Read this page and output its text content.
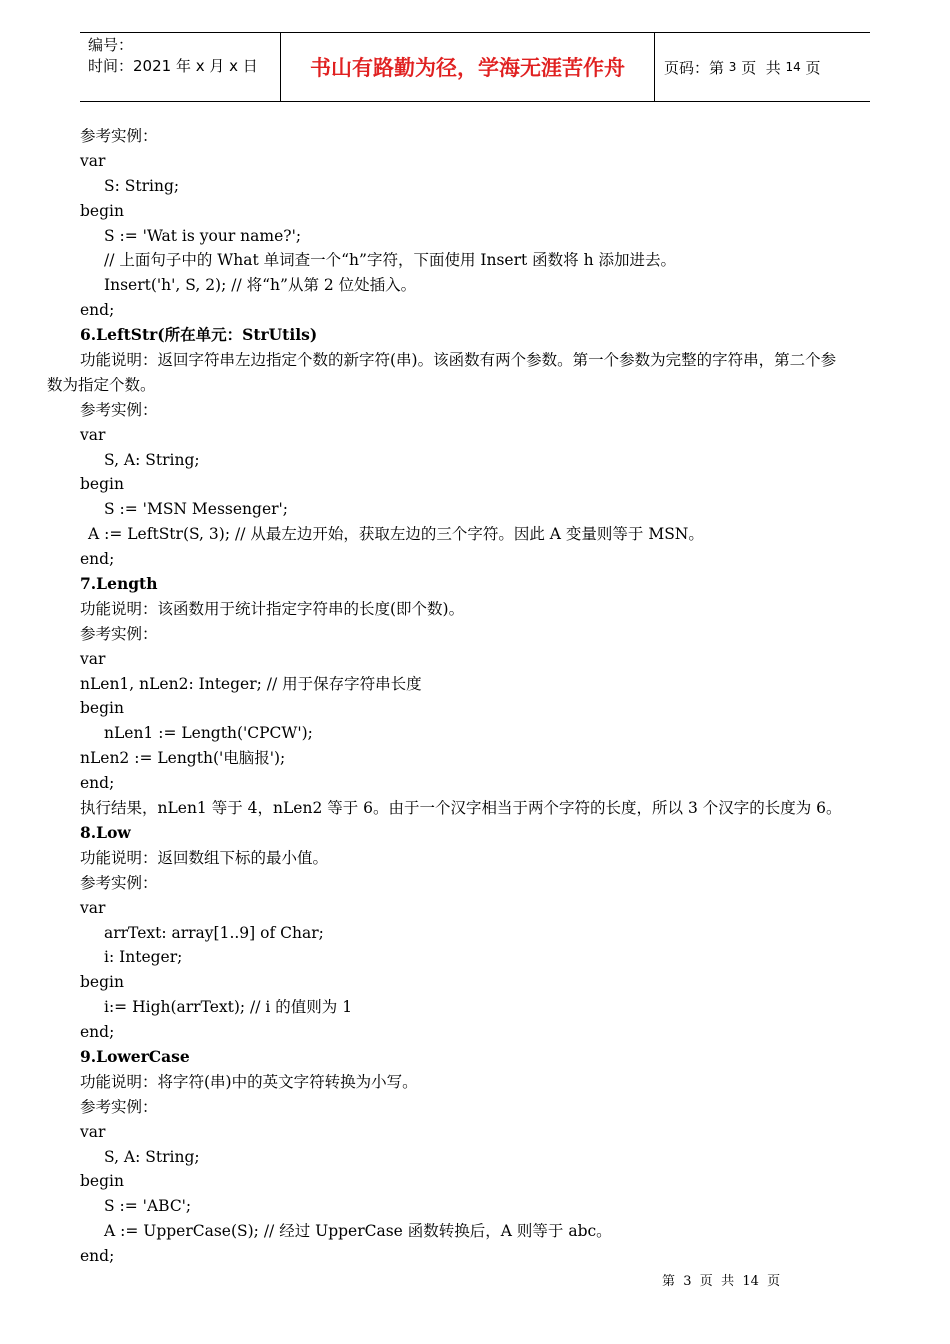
编号：
时间：2021 年 x 月 x 日	书山有路勤为径，学海无涯苦作舟	页码：第 3 页  共 14 页
参考实例：
var
S: String;
begin
S := 'Wat is your name?';
// 上面句子中的 What 单词查一个“h”字符，下面使用 Insert 函数将 h 添加进去。
Insert('h', S, 2); // 将“h”从第 2 位处插入。
end;
6.LeftStr(所在单元：StrUtils)
功能说明：返回字符串左边指定个数的新字符(串)。该函数有两个参数。第一个参数为完整的字符串，第二个参
数为指定个数。
参考实例：
var
S, A: String;
begin
S := 'MSN Messenger';
A := LeftStr(S, 3); // 从最左边开始，获取左边的三个字符。因此 A 变量则等于 MSN。
end;
7.Length
功能说明：该函数用于统计指定字符串的长度(即个数)。
参考实例：
var
nLen1, nLen2: Integer; // 用于保存字符串长度
begin
nLen1 := Length('CPCW');
nLen2 := Length('电脑报');
end;
执行结果，nLen1 等于 4，nLen2 等于 6。由于一个汉字相当于两个字符的长度，所以 3 个汉字的长度为 6。
8.Low
功能说明：返回数组下标的最小值。
参考实例：
var
arrText: array[1..9] of Char;
i: Integer;
begin
i:= High(arrText); // i 的值则为 1
end;
9.LowerCase
功能说明：将字符(串)中的英文字符转换为小写。
参考实例：
var
S, A: String;
begin
S := 'ABC';
A := UpperCase(S); // 经过 UpperCase 函数转换后，A 则等于 abc。
end;
第  3  页  共  14  页
